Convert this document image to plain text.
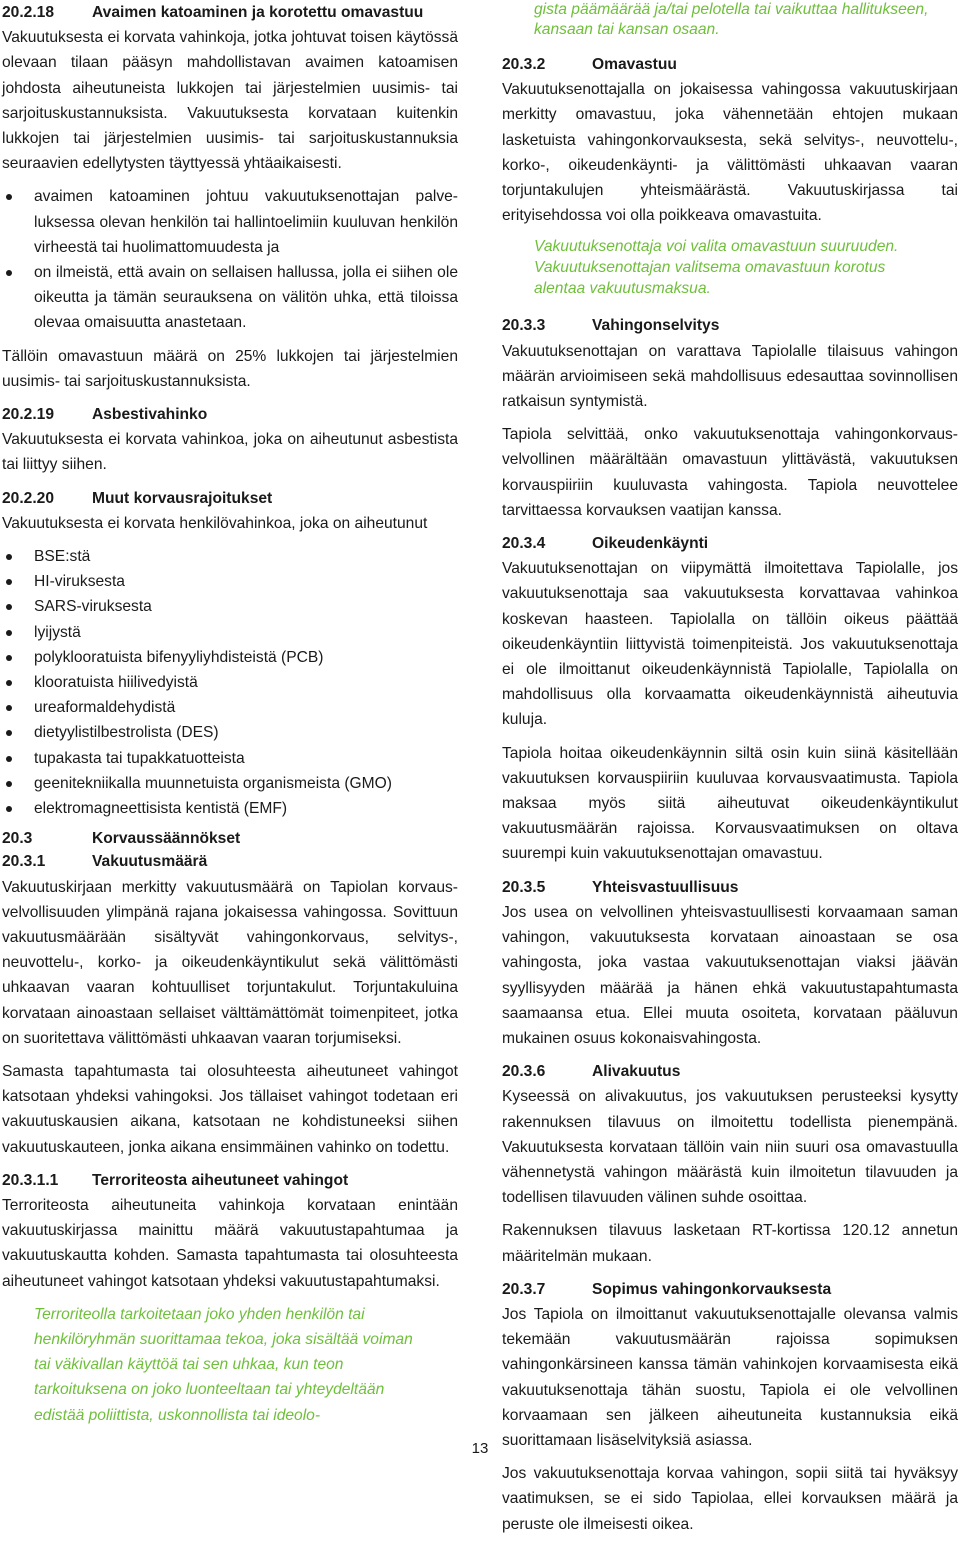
20.2.18 Avaimen katoaminen ja korotettu omavastuu

Vakuutuksesta ei korvata vahinkoja, jotka johtuvat toisen käytössä olevaan tilaan pääsyn mahdollistavan avaimen katoamisen johdosta aiheutuneista lukkojen tai järjestelmien uusimis- tai sarjoituskustannuksista. Vakuutuksesta korvataan kuitenkin lukkojen tai järjestelmien uusimis- tai sarjoituskustannuksia seuraavien edellytysten täyttyessä yhtäaikaisesti.

avaimen katoaminen johtuu vakuutuksenottajan palveluksessa olevan henkilön tai hallintoelimiin kuuluvan henkilön virheestä tai huolimattomuudesta ja
on ilmeistä, että avain on sellaisen hallussa, jolla ei siihen ole oikeutta ja tämän seurauksena on välitön uhka, että tiloissa olevaa omaisuutta anastetaan.

Tällöin omavastuun määrä on 25% lukkojen tai järjestelmien uusimis- tai sarjoituskustannuksista.

20.2.19 Asbestivahinko

Vakuutuksesta ei korvata vahinkoa, joka on aiheutunut asbestista tai liittyy siihen.

20.2.20 Muut korvausrajoitukset

Vakuutuksesta ei korvata henkilövahinkoa, joka on aiheutunut

BSE:stä
HI-viruksesta
SARS-viruksesta
lyijystä
polyklooratuista bifenyyliyhdisteistä (PCB)
klooratuista hiilivedyistä
ureaformaldehydistä
dietyylistilbestrolista (DES)
tupakasta tai tupakkatuotteista
geenitekniikalla muunnetuista organismeista (GMO)
elektromagneettisista kentistä (EMF)
20.3	Korvaussäännökset
20.3.1	Vakuutusmäärä

Vakuutuskirjaan merkitty vakuutusmäärä on Tapiolan korvausvelvollisuuden ylimpänä rajana jokaisessa vahingossa. Sovittuun vakuutusmäärään sisältyvät vahingonkorvaus, selvitys-, neuvottelu-, korko- ja oikeudenkäyntikulut sekä välittömästi uhkaavan vaaran kohtuulliset torjuntakulut. Torjuntakuluina korvataan ainoastaan sellaiset välttämättömät toimenpiteet, jotka on suoritettava välittömästi uhkaavan vaaran torjumiseksi.

Samasta tapahtumasta tai olosuhteesta aiheutuneet vahingot katsotaan yhdeksi vahingoksi. Jos tällaiset vahingot todetaan eri vakuutuskausien aikana, katsotaan ne kohdistuneeksi siihen vakuutuskauteen, jonka aikana ensimmäinen vahinko on todettu.

20.3.1.1 Terroriteosta aiheutuneet vahingot

Terroriteosta aiheutuneita vahinkoja korvataan enintään vakuutuskirjassa mainittu määrä vakuutustapahtumaa ja vakuutuskautta kohden. Samasta tapahtumasta tai olosuhteesta aiheutuneet vahingot katsotaan yhdeksi vakuutustapahtumaksi.

Terroriteolla tarkoitetaan joko yhden henkilön tai henkilöryhmän suorittamaa tekoa, joka sisältää voiman tai väkivallan käyttöä tai sen uhkaa, kun teon tarkoituksena on joko luonteeltaan tai yhteydeltään edistää poliittista, uskonnollista tai ideolo-

gista päämäärää ja/tai pelotella tai vaikuttaa hallitukseen, kansaan tai kansan osaan.

20.3.2	Omavastuu

Vakuutuksenottajalla on jokaisessa vahingossa vakuutuskirjaan merkitty omavastuu, joka vähennetään ehtojen mukaan lasketuista vahingonkorvauksesta, sekä selvitys-, neuvottelu-, korko-, oikeudenkäynti- ja välittömästi uhkaavan vaaran torjuntakulujen yhteismäärästä. Vakuutuskirjassa tai erityisehdossa voi olla poikkeava omavastuita.

Vakuutuksenottaja voi valita omavastuun suuruuden. Vakuutuksenottajan valitsema omavastuun korotus alentaa vakuutusmaksua.

20.3.3	Vahingonselvitys

Vakuutuksenottajan on varattava Tapiolalle tilaisuus vahingon määrän arvioimiseen sekä mahdollisuus edesauttaa sovinnollisen ratkaisun syntymistä.

Tapiola selvittää, onko vakuutuksenottaja vahingonkorvausvelvollinen määrältään omavastuun ylittävästä, vakuutuksen korvauspiiriin kuuluvasta vahingosta. Tapiola neuvottelee tarvittaessa korvauksen vaatijan kanssa.

20.3.4	Oikeudenkäynti

Vakuutuksenottajan on viipymättä ilmoitettava Tapiolalle, jos vakuutuksenottaja saa vakuutuksesta korvattavaa vahinkoa koskevan haasteen. Tapiolalla on tällöin oikeus päättää oikeudenkäyntiin liittyvistä toimenpiteistä. Jos vakuutuksenottaja ei ole ilmoittanut oikeudenkäynnistä Tapiolalle, Tapiolalla on mahdollisuus olla korvaamatta oikeudenkäynnistä aiheutuvia kuluja.

Tapiola hoitaa oikeudenkäynnin siltä osin kuin siinä käsitellään vakuutuksen korvauspiiriin kuuluvaa korvausvaatimusta. Tapiola maksaa myös siitä aiheutuvat oikeudenkäyntikulut vakuutusmäärän rajoissa. Korvausvaatimuksen on oltava suurempi kuin vakuutuksenottajan omavastuu.

20.3.5	Yhteisvastuullisuus

Jos usea on velvollinen yhteisvastuullisesti korvaamaan saman vahingon, vakuutuksesta korvataan ainoastaan se osa vahingosta, joka vastaa vakuutuksenottajan viaksi jäävän syyllisyyden määrää ja hänen ehkä vakuutustapahtumasta saamaansa etua. Ellei muuta osoiteta, korvataan pääluvun mukainen osuus kokonaisvahingosta.

20.3.6	Alivakuutus

Kyseessä on alivakuutus, jos vakuutuksen perusteeksi kysytty rakennuksen tilavuus on ilmoitettu todellista pienempänä. Vakuutuksesta korvataan tällöin vain niin suuri osa omavastuulla vähennetystä vahingon määrästä kuin ilmoitetun tilavuuden ja todellisen tilavuuden välinen suhde osoittaa.

Rakennuksen tilavuus lasketaan RT-kortissa 120.12 annetun määritelmän mukaan.

20.3.7	Sopimus vahingonkorvauksesta

Jos Tapiola on ilmoittanut vakuutuksenottajalle olevansa valmis tekemään vakuutusmäärän rajoissa sopimuksen vahingonkärsineen kanssa tämän vahinkojen korvaamisesta eikä vakuutuksenottaja tähän suostu, Tapiola ei ole velvollinen korvaamaan sen jälkeen aiheutuneita kustannuksia eikä suorittamaan lisäselvityksiä asiassa.

Jos vakuutuksenottaja korvaa vahingon, sopii siitä tai hyväksyy vaatimuksen, se ei sido Tapiolaa, ellei korvauksen määrä ja peruste ole ilmeisesti oikea.

13
